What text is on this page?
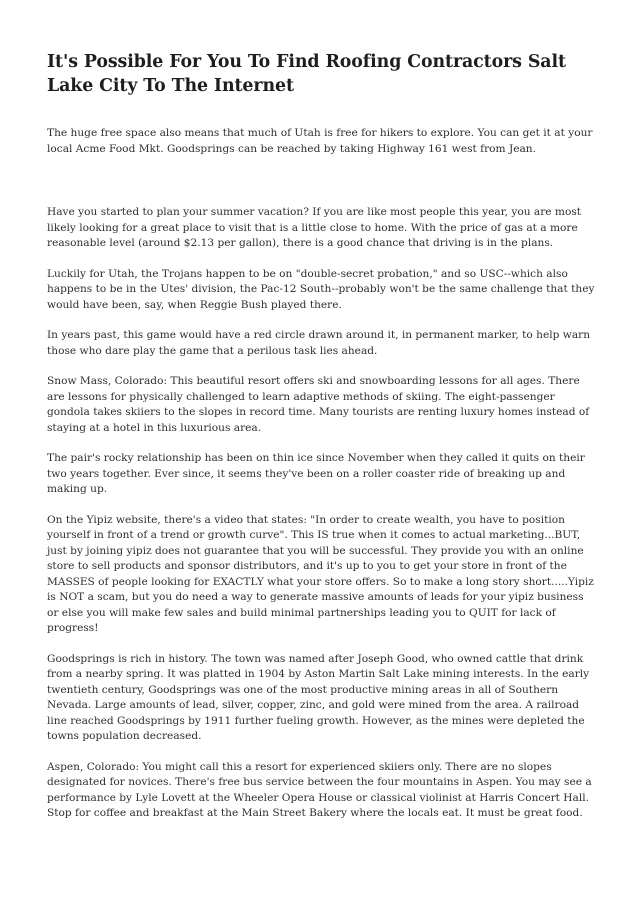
It's Possible For You To Find Roofing Contractors Salt Lake City To The Internet

The huge free space also means that much of Utah is free for hikers to explore. You can get it at your local Acme Food Mkt. Goodsprings can be reached by taking Highway 161 west from Jean.

Have you started to plan your summer vacation? If you are like most people this year, you are most likely looking for a great place to visit that is a little close to home. With the price of gas at a more reasonable level (around $2.13 per gallon), there is a good chance that driving is in the plans.

Luckily for Utah, the Trojans happen to be on "double-secret probation," and so USC--which also happens to be in the Utes' division, the Pac-12 South--probably won't be the same challenge that they would have been, say, when Reggie Bush played there.

In years past, this game would have a red circle drawn around it, in permanent marker, to help warn those who dare play the game that a perilous task lies ahead.

Snow Mass, Colorado: This beautiful resort offers ski and snowboarding lessons for all ages. There are lessons for physically challenged to learn adaptive methods of skiing. The eight-passenger gondola takes skiiers to the slopes in record time. Many tourists are renting luxury homes instead of staying at a hotel in this luxurious area.

The pair's rocky relationship has been on thin ice since November when they called it quits on their two years together. Ever since, it seems they've been on a roller coaster ride of breaking up and making up.

On the Yipiz website, there's a video that states: "In order to create wealth, you have to position yourself in front of a trend or growth curve". This IS true when it comes to actual marketing...BUT, just by joining yipiz does not guarantee that you will be successful. They provide you with an online store to sell products and sponsor distributors, and it's up to you to get your store in front of the MASSES of people looking for EXACTLY what your store offers. So to make a long story short.....Yipiz is NOT a scam, but you do need a way to generate massive amounts of leads for your yipiz business or else you will make few sales and build minimal partnerships leading you to QUIT for lack of progress!

Goodsprings is rich in history. The town was named after Joseph Good, who owned cattle that drink from a nearby spring. It was platted in 1904 by Aston Martin Salt Lake mining interests. In the early twentieth century, Goodsprings was one of the most productive mining areas in all of Southern Nevada. Large amounts of lead, silver, copper, zinc, and gold were mined from the area. A railroad line reached Goodsprings by 1911 further fueling growth. However, as the mines were depleted the towns population decreased.

Aspen, Colorado: You might call this a resort for experienced skiiers only. There are no slopes designated for novices. There's free bus service between the four mountains in Aspen. You may see a performance by Lyle Lovett at the Wheeler Opera House or classical violinist at Harris Concert Hall. Stop for coffee and breakfast at the Main Street Bakery where the locals eat. It must be great food.
